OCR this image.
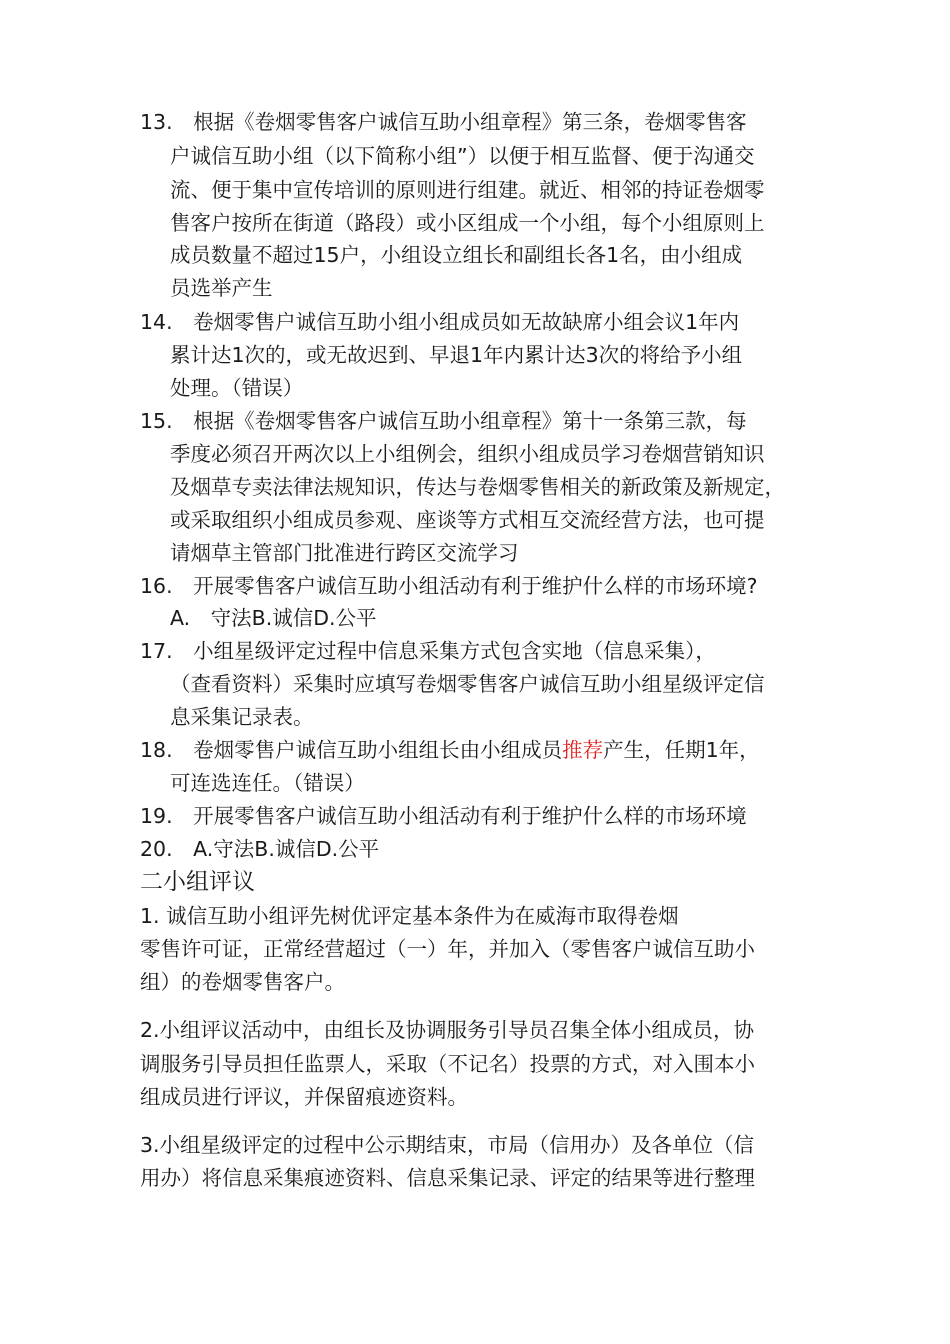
13.　根据《卷烟零售客户诚信互助小组章程》第三条，卷烟零售客
户诚信互助小组（以下简称小组”）以便于相互监督、便于沟通交
流、便于集中宣传培训的原则进行组建。就近、相邻的持证卷烟零
售客户按所在街道（路段）或小区组成一个小组，每个小组原则上
成员数量不超过15户，小组设立组长和副组长各1名，由小组成
员选举产生
14.　卷烟零售户诚信互助小组小组成员如无故缺席小组会议1年内
累计达1次的，或无故迟到、早退1年内累计达3次的将给予小组
处理。（错误）
15.　根据《卷烟零售客户诚信互助小组章程》第十一条第三款，每
季度必须召开两次以上小组例会，组织小组成员学习卷烟营销知识
及烟草专卖法律法规知识，传达与卷烟零售相关的新政策及新规定，
或采取组织小组成员参观、座谈等方式相互交流经营方法，也可提
请烟草主管部门批准进行跨区交流学习
16.　开展零售客户诚信互助小组活动有利于维护什么样的市场环境?
A.　守法B.诚信D.公平
17.　小组星级评定过程中信息采集方式包含实地（信息采集），
（查看资料）采集时应填写卷烟零售客户诚信互助小组星级评定信
息采集记录表。
18.　卷烟零售户诚信互助小组组长由小组成员推荐产生，任期1年，
可连选连任。（错误）
19.　开展零售客户诚信互助小组活动有利于维护什么样的市场环境
20.　A.守法B.诚信D.公平
二小组评议
1. 诚信互助小组评先树优评定基本条件为在威海市取得卷烟
零售许可证，正常经营超过（一）年，并加入（零售客户诚信互助小
组）的卷烟零售客户。
2.小组评议活动中，由组长及协调服务引导员召集全体小组成员，协
调服务引导员担任监票人，采取（不记名）投票的方式，对入围本小
组成员进行评议，并保留痕迹资料。
3.小组星级评定的过程中公示期结束，市局（信用办）及各单位（信
用办）将信息采集痕迹资料、信息采集记录、评定的结果等进行整理
